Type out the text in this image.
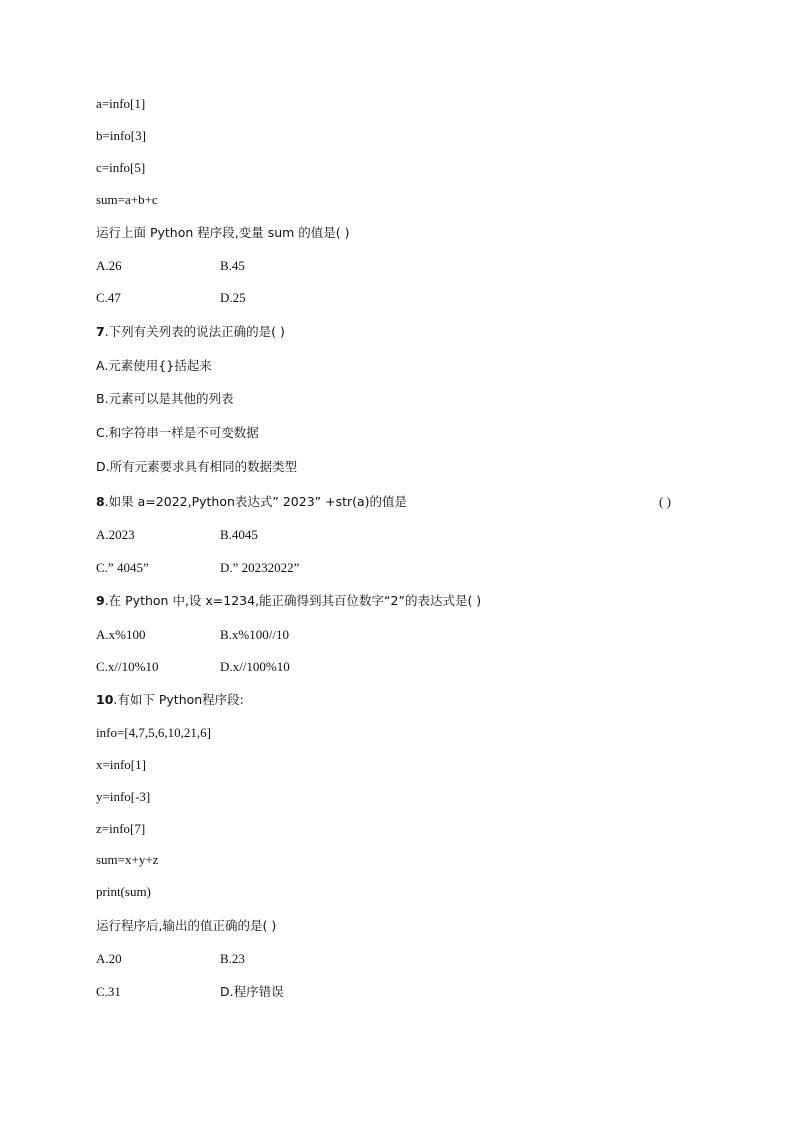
a=info[1]
b=info[3]
c=info[5]
sum=a+b+c
运行上面 Python 程序段,变量 sum 的值是( )
A.26	B.45
C.47	D.25
7.下列有关列表的说法正确的是( )
A.元素使用{}括起来
B.元素可以是其他的列表
C.和字符串一样是不可变数据
D.所有元素要求具有相同的数据类型
8.如果 a=2022,Python表达式” 2023” +str(a)的值是	( )
A.2023	B.4045
C.” 4045”	D.” 20232022”
9.在 Python 中,设 x=1234,能正确得到其百位数字“2”的表达式是( )
A.x%100	B.x%100//10
C.x//10%10	D.x//100%10
10.有如下 Python程序段:
info=[4,7,5,6,10,21,6]
x=info[1]
y=info[-3]
z=info[7]
sum=x+y+z
print(sum)
运行程序后,输出的值正确的是( )
A.20	B.23
C.31	D.程序错误
